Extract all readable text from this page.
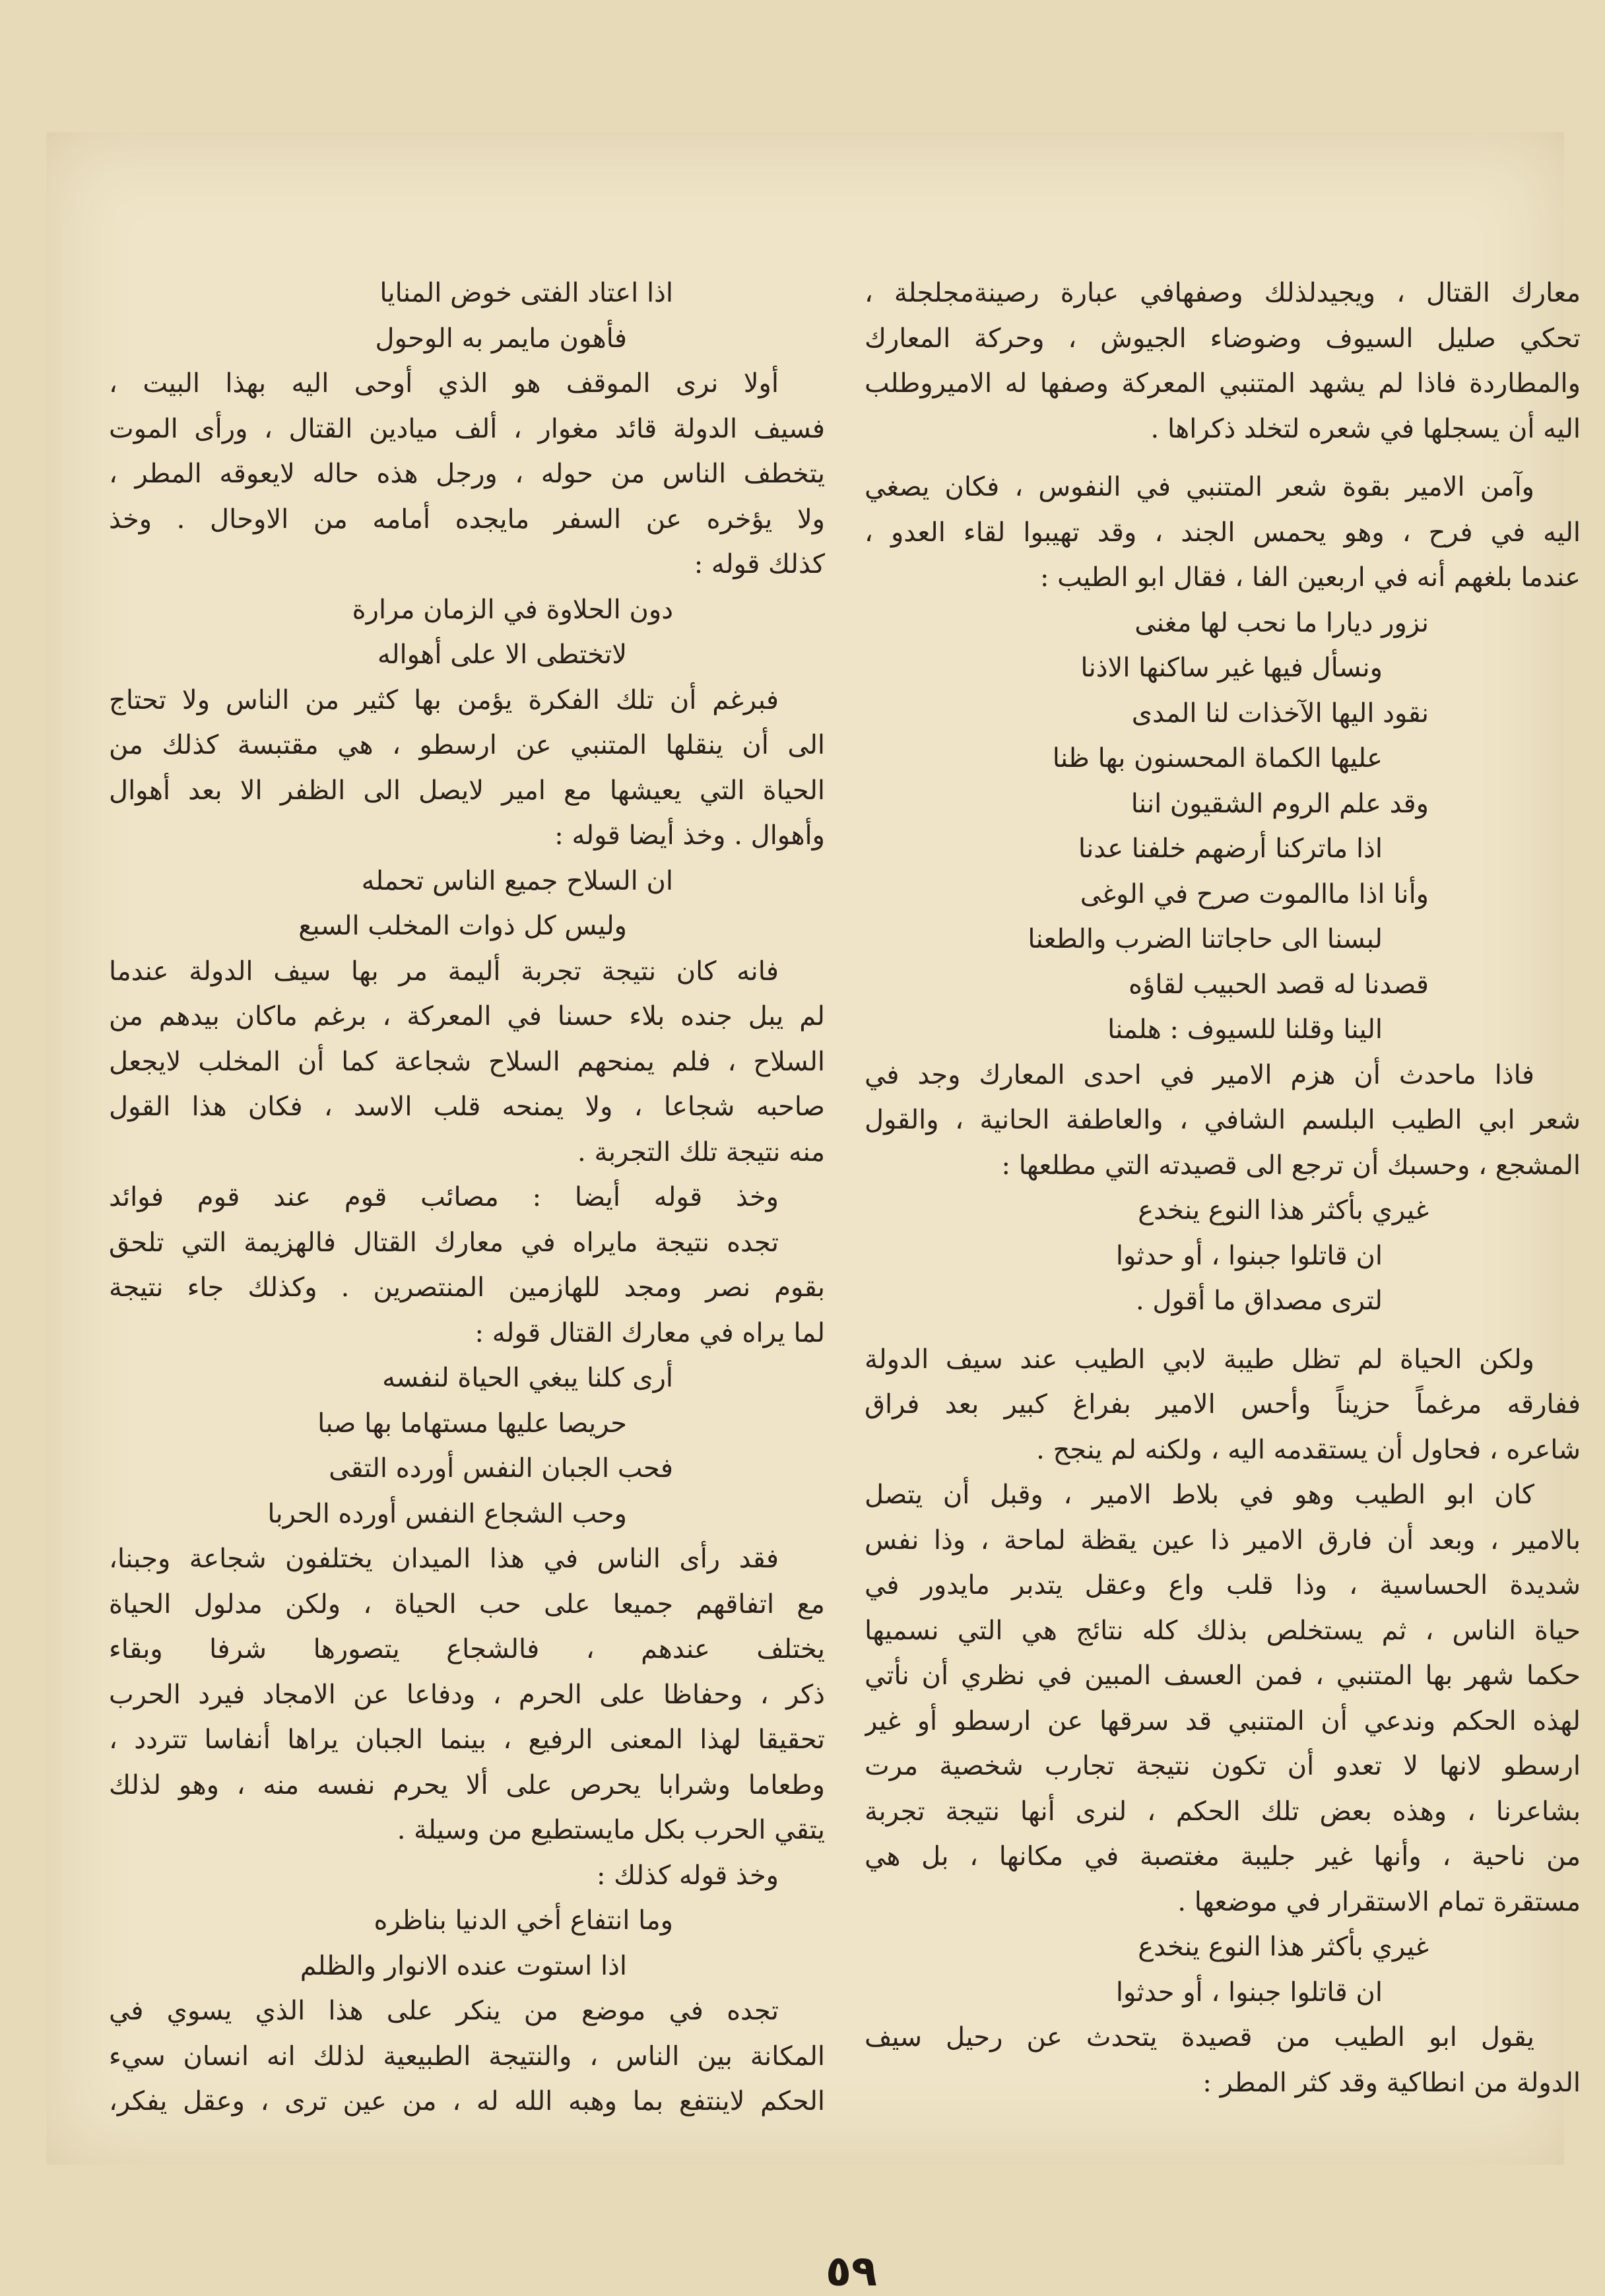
معارك القتال ، ويجيدلذلك وصفهافي عبارة رصينةمجلجلة ،
تحكي صليل السيوف وضوضاء الجيوش ، وحركة المعارك
والمطاردة فاذا لم يشهد المتنبي المعركة وصفها له الاميروطلب
اليه أن يسجلها في شعره لتخلد ذكراها .
وآمن الامير بقوة شعر المتنبي في النفوس ، فكان يصغي
اليه في فرح ، وهو يحمس الجند ، وقد تهيبوا لقاء العدو ،
عندما بلغهم أنه في اربعين الفا ، فقال ابو الطيب :
نزور ديارا ما نحب لها مغنى
ونسأل فيها غير ساكنها الاذنا
نقود اليها الآخذات لنا المدى
عليها الكماة المحسنون بها ظنا
وقد علم الروم الشقيون اننا
اذا ماتركنا أرضهم خلفنا عدنا
وأنا اذا ماالموت صرح في الوغى
لبسنا الى حاجاتنا الضرب والطعنا
قصدنا له قصد الحبيب لقاؤه
الينا وقلنا للسيوف : هلمنا
فاذا ماحدث أن هزم الامير في احدى المعارك وجد في
شعر ابي الطيب البلسم الشافي ، والعاطفة الحانية ، والقول
المشجع ، وحسبك أن ترجع الى قصيدته التي مطلعها :
غيري بأكثر هذا النوع ينخدع
ان قاتلوا جبنوا ، أو حدثوا
لترى مصداق ما أقول .
ولكن الحياة لم تظل طيبة لابي الطيب عند سيف الدولة
ففارقه مرغماً حزيناً وأحس الامير بفراغ كبير بعد فراق
شاعره ، فحاول أن يستقدمه اليه ، ولكنه لم ينجح .
كان ابو الطيب وهو في بلاط الامير ، وقبل أن يتصل
بالامير ، وبعد أن فارق الامير ذا عين يقظة لماحة ، وذا نفس
شديدة الحساسية ، وذا قلب واع وعقل يتدبر مايدور في
حياة الناس ، ثم يستخلص بذلك كله نتائج هي التي نسميها
حكما شهر بها المتنبي ، فمن العسف المبين في نظري أن نأتي
لهذه الحكم وندعي أن المتنبي قد سرقها عن ارسطو أو غير
ارسطو لانها لا تعدو أن تكون نتيجة تجارب شخصية مرت
بشاعرنا ، وهذه بعض تلك الحكم ، لنرى أنها نتيجة تجربة
من ناحية ، وأنها غير جليبة مغتصبة في مكانها ، بل هي
مستقرة تمام الاستقرار في موضعها .
غيري بأكثر هذا النوع ينخدع
ان قاتلوا جبنوا ، أو حدثوا
يقول ابو الطيب من قصيدة يتحدث عن رحيل سيف
الدولة من انطاكية وقد كثر المطر :
اذا اعتاد الفتى خوض المنايا
فأهون مايمر به الوحول
أولا نرى الموقف هو الذي أوحى اليه بهذا البيت ،
فسيف الدولة قائد مغوار ، ألف ميادين القتال ، ورأى الموت
يتخطف الناس من حوله ، ورجل هذه حاله لايعوقه المطر ،
ولا يؤخره عن السفر مايجده أمامه من الاوحال . وخذ
كذلك قوله :
دون الحلاوة في الزمان مرارة
لاتختطى الا على أهواله
فبرغم أن تلك الفكرة يؤمن بها كثير من الناس ولا تحتاج
الى أن ينقلها المتنبي عن ارسطو ، هي مقتبسة كذلك من
الحياة التي يعيشها مع امير لايصل الى الظفر الا بعد أهوال
وأهوال . وخذ أيضا قوله :
ان السلاح جميع الناس تحمله
وليس كل ذوات المخلب السبع
فانه كان نتيجة تجربة أليمة مر بها سيف الدولة عندما
لم يبل جنده بلاء حسنا في المعركة ، برغم ماكان بيدهم من
السلاح ، فلم يمنحهم السلاح شجاعة كما أن المخلب لايجعل
صاحبه شجاعا ، ولا يمنحه قلب الاسد ، فكان هذا القول
منه نتيجة تلك التجربة .
وخذ قوله أيضا : مصائب قوم عند قوم فوائد
تجده نتيجة مايراه في معارك القتال فالهزيمة التي تلحق
بقوم نصر ومجد للهازمين المنتصرين . وكذلك جاء نتيجة
لما يراه في معارك القتال قوله :
أرى كلنا يبغي الحياة لنفسه
حريصا عليها مستهاما بها صبا
فحب الجبان النفس أورده التقى
وحب الشجاع النفس أورده الحربا
فقد رأى الناس في هذا الميدان يختلفون شجاعة وجبنا،
مع اتفاقهم جميعا على حب الحياة ، ولكن مدلول الحياة
يختلف عندهم ، فالشجاع يتصورها شرفا وبقاء
ذكر ، وحفاظا على الحرم ، ودفاعا عن الامجاد فيرد الحرب
تحقيقا لهذا المعنى الرفيع ، بينما الجبان يراها أنفاسا تتردد ،
وطعاما وشرابا يحرص على ألا يحرم نفسه منه ، وهو لذلك
يتقي الحرب بكل مايستطيع من وسيلة .
وخذ قوله كذلك :
وما انتفاع أخي الدنيا بناظره
اذا استوت عنده الانوار والظلم
تجده في موضع من ينكر على هذا الذي يسوي في
المكانة بين الناس ، والنتيجة الطبيعية لذلك انه انسان سيء
الحكم لاينتفع بما وهبه الله له ، من عين ترى ، وعقل يفكر،
٥٩
